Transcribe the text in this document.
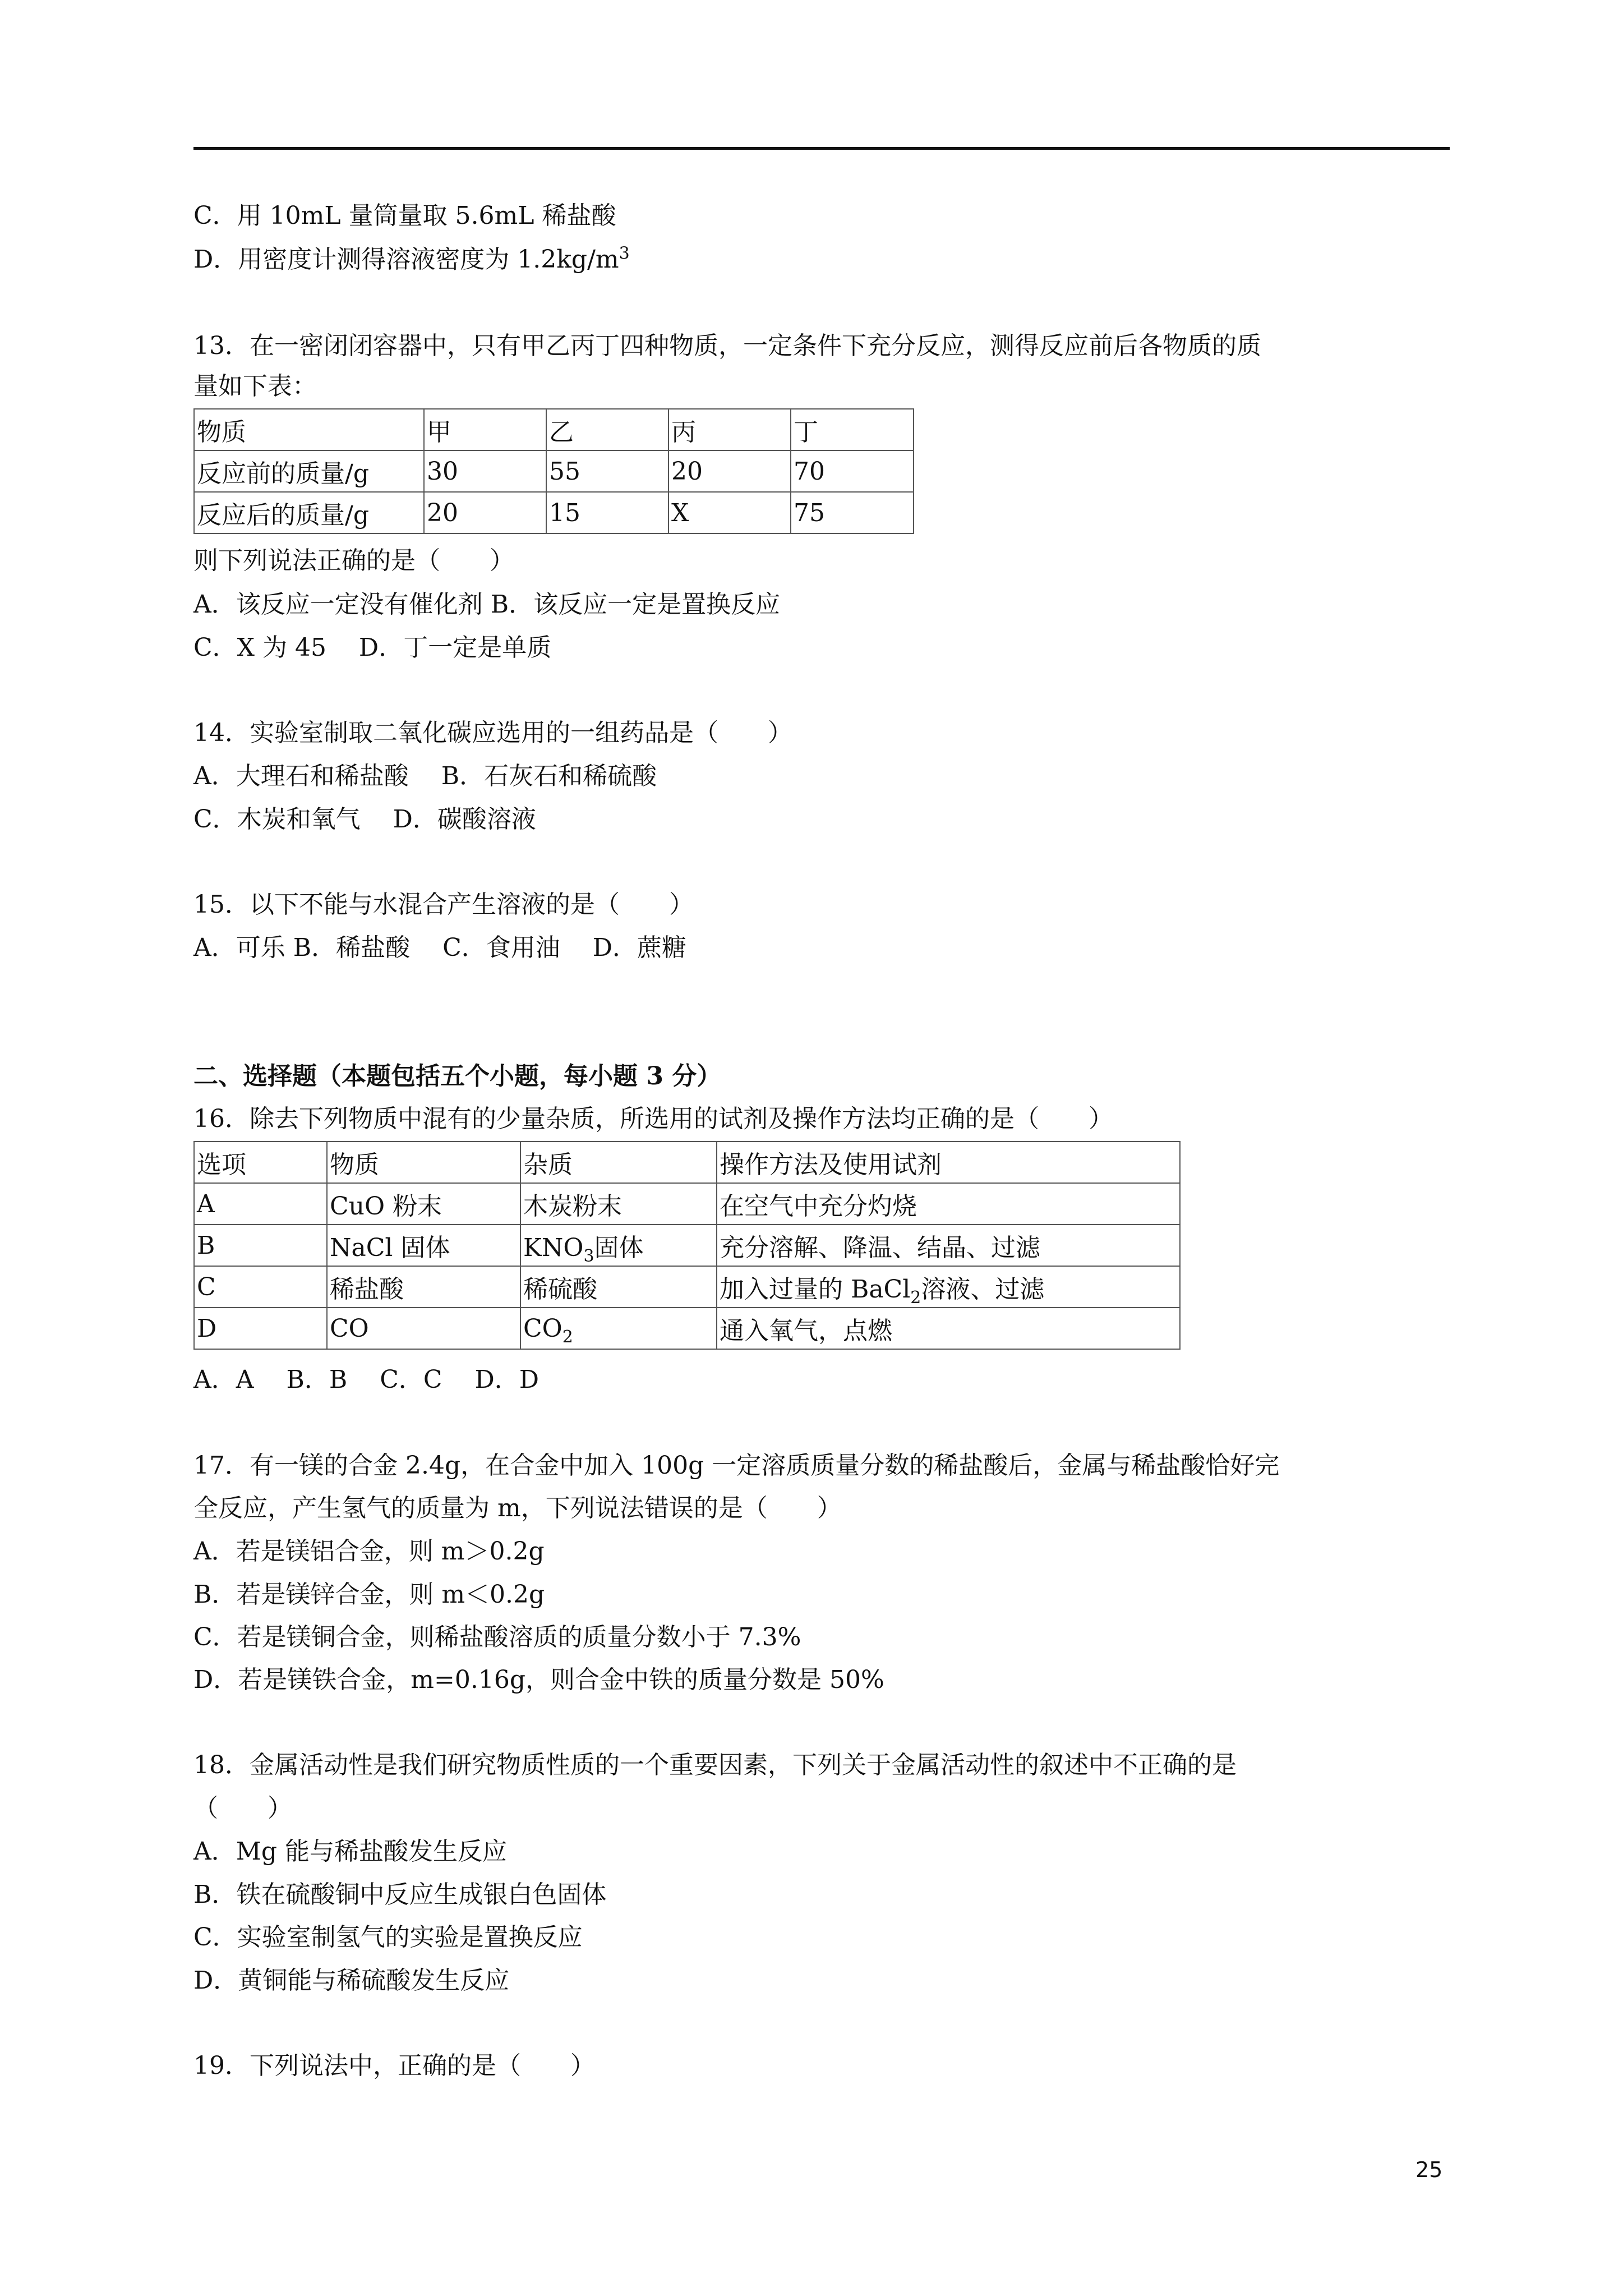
C．用 10mL 量筒量取 5.6mL 稀盐酸
D．用密度计测得溶液密度为 $1.2kg/m^3$
13．在一密闭闭容器中，只有甲乙丙丁四种物质，一定条件下充分反应，测得反应前后各物质的质
量如下表：
物质	甲	乙	丙	丁
反应前的质量/g	30	55	20	70
反应后的质量/g	20	15	X	75
则下列说法正确的是（　　）
A．该反应一定没有催化剂 B．该反应一定是置换反应
C．X 为 45　 D．丁一定是单质
14．实验室制取二氧化碳应选用的一组药品是（　　）
A．大理石和稀盐酸　 B．石灰石和稀硫酸
C．木炭和氧气　 D．碳酸溶液
15．以下不能与水混合产生溶液的是（　　）
A．可乐 B．稀盐酸　 C．食用油　 D．蔗糖
二、选择题（本题包括五个小题，每小题 3 分）
16．除去下列物质中混有的少量杂质，所选用的试剂及操作方法均正确的是（　　）
选项	物质	杂质	操作方法及使用试剂
A	CuO 粉末	木炭粉末	在空气中充分灼烧
B	NaCl 固体	$KNO_3$固体	充分溶解、降温、结晶、过滤
C	稀盐酸	稀硫酸	加入过量的 BaCl$_2$溶液、过滤
D	CO	$CO_2$	通入氧气，点燃
A．A　 B．B　 C．C　 D．D
17．有一镁的合金 2.4g，在合金中加入 100g 一定溶质质量分数的稀盐酸后，金属与稀盐酸恰好完
全反应，产生氢气的质量为 m，下列说法错误的是（　　）
A．若是镁铝合金，则 m＞0.2g
B．若是镁锌合金，则 m＜0.2g
C．若是镁铜合金，则稀盐酸溶质的质量分数小于 7.3%
D．若是镁铁合金，m=0.16g，则合金中铁的质量分数是 50%
18．金属活动性是我们研究物质性质的一个重要因素，下列关于金属活动性的叙述中不正确的是
（　　）
A．Mg 能与稀盐酸发生反应
B．铁在硫酸铜中反应生成银白色固体
C．实验室制氢气的实验是置换反应
D．黄铜能与稀硫酸发生反应
19．下列说法中，正确的是（　　）
25
